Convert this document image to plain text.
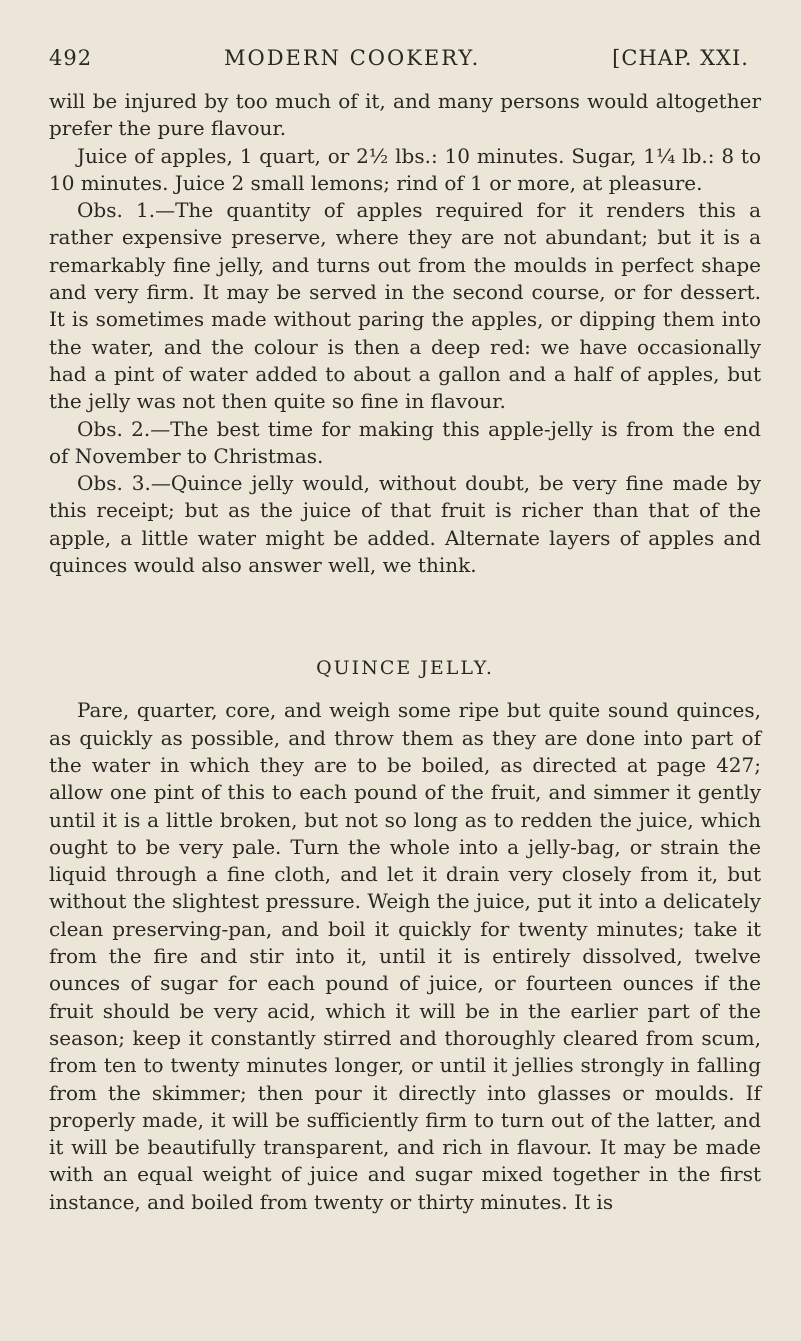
492	MODERN COOKERY.	[CHAP. XXI.

will be injured by too much of it, and many persons would altogether prefer the pure flavour.

Juice of apples, 1 quart, or 2½ lbs.: 10 minutes. Sugar, 1¼ lb.: 8 to 10 minutes. Juice 2 small lemons; rind of 1 or more, at pleasure.

Obs. 1.—The quantity of apples required for it renders this a rather expensive preserve, where they are not abundant; but it is a remarkably fine jelly, and turns out from the moulds in perfect shape and very firm. It may be served in the second course, or for dessert. It is sometimes made without paring the apples, or dipping them into the water, and the colour is then a deep red: we have occasionally had a pint of water added to about a gallon and a half of apples, but the jelly was not then quite so fine in flavour.

Obs. 2.—The best time for making this apple-jelly is from the end of November to Christmas.

Obs. 3.—Quince jelly would, without doubt, be very fine made by this receipt; but as the juice of that fruit is richer than that of the apple, a little water might be added. Alternate layers of apples and quinces would also answer well, we think.

QUINCE JELLY.

Pare, quarter, core, and weigh some ripe but quite sound quinces, as quickly as possible, and throw them as they are done into part of the water in which they are to be boiled, as directed at page 427; allow one pint of this to each pound of the fruit, and simmer it gently until it is a little broken, but not so long as to redden the juice, which ought to be very pale. Turn the whole into a jelly-bag, or strain the liquid through a fine cloth, and let it drain very closely from it, but without the slightest pressure. Weigh the juice, put it into a delicately clean preserving-pan, and boil it quickly for twenty minutes; take it from the fire and stir into it, until it is entirely dissolved, twelve ounces of sugar for each pound of juice, or fourteen ounces if the fruit should be very acid, which it will be in the earlier part of the season; keep it constantly stirred and thoroughly cleared from scum, from ten to twenty minutes longer, or until it jellies strongly in falling from the skimmer; then pour it directly into glasses or moulds. If properly made, it will be sufficiently firm to turn out of the latter, and it will be beautifully transparent, and rich in flavour. It may be made with an equal weight of juice and sugar mixed together in the first instance, and boiled from twenty or thirty minutes. It is
